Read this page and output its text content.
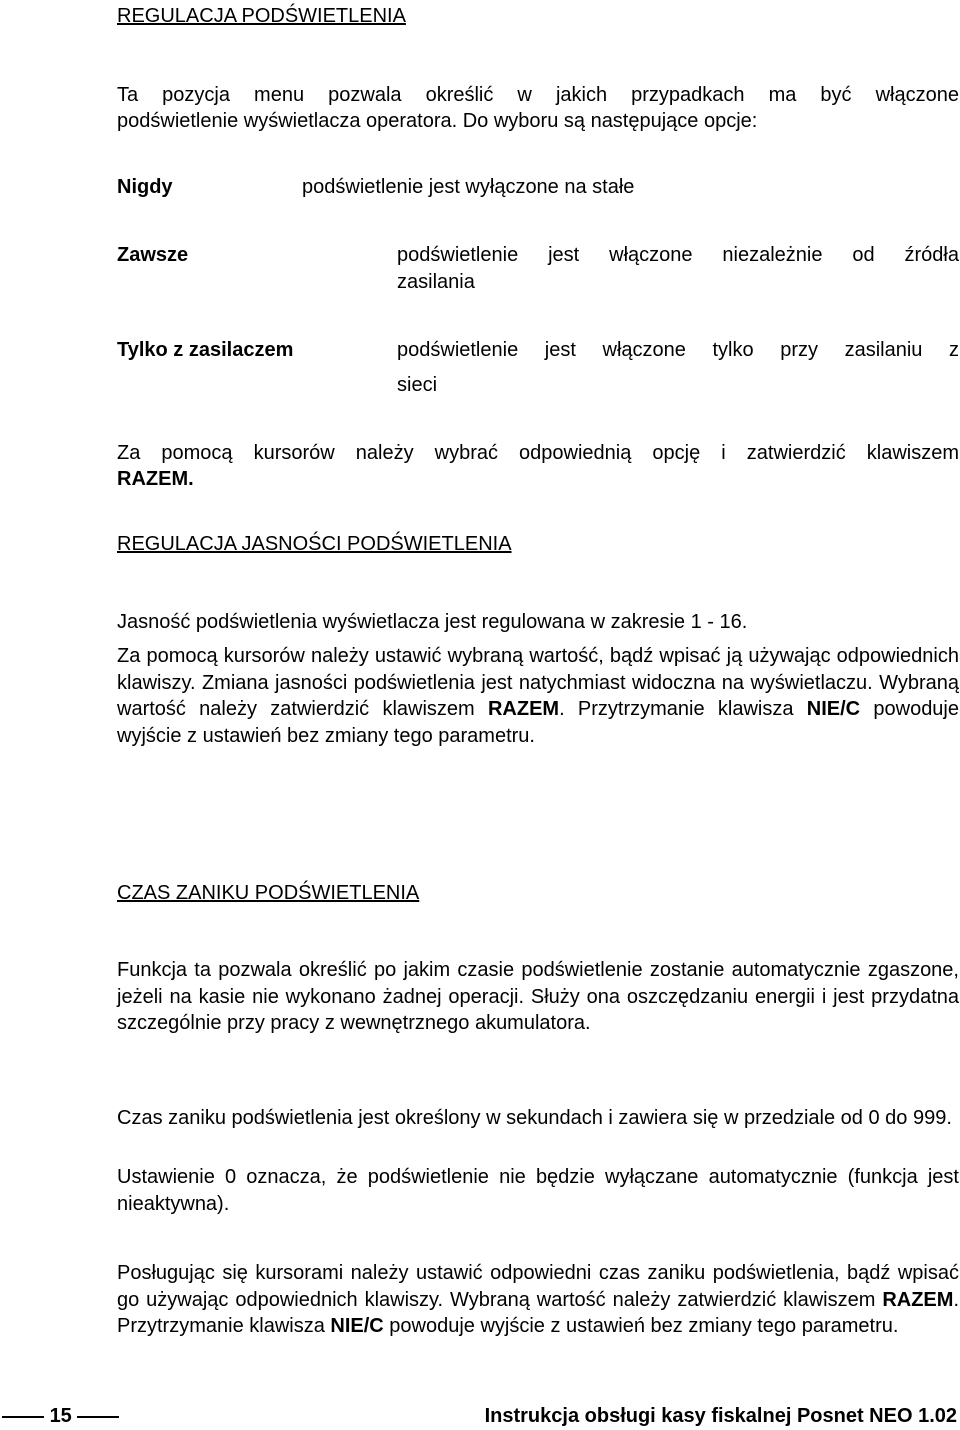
REGULACJA PODŚWIETLENIA
Ta pozycja menu pozwala określić w jakich przypadkach ma być włączone
podświetlenie wyświetlacza operatora. Do wyboru są następujące opcje:
Nigdy	podświetlenie jest wyłączone na stałe
Zawsze	podświetlenie jest włączone niezależnie od źródła
zasilania
Tylko z zasilaczem	podświetlenie jest włączone tylko przy zasilaniu z
sieci
Za pomocą kursorów należy wybrać odpowiednią opcję i zatwierdzić klawiszem
RAZEM.
REGULACJA JASNOŚCI PODŚWIETLENIA
Jasność podświetlenia wyświetlacza jest regulowana w zakresie 1 - 16.
Za pomocą kursorów należy ustawić wybraną wartość, bądź wpisać ją używając odpowiednich klawiszy. Zmiana jasności podświetlenia jest natychmiast widoczna na wyświetlaczu. Wybraną wartość należy zatwierdzić klawiszem RAZEM. Przytrzymanie klawisza NIE/C powoduje wyjście z ustawień bez zmiany tego parametru.
CZAS ZANIKU PODŚWIETLENIA
Funkcja ta pozwala określić po jakim czasie podświetlenie zostanie automatycznie zgaszone, jeżeli na kasie nie wykonano żadnej operacji. Służy ona oszczędzaniu energii i jest przydatna szczególnie przy pracy z wewnętrznego akumulatora.
Czas zaniku podświetlenia jest określony w sekundach i zawiera się w przedziale od 0 do 999.
Ustawienie 0 oznacza, że podświetlenie nie będzie wyłączane automatycznie (funkcja jest nieaktywna).
Posługując się kursorami należy ustawić odpowiedni czas zaniku podświetlenia, bądź wpisać go używając odpowiednich klawiszy. Wybraną wartość należy zatwierdzić klawiszem RAZEM. Przytrzymanie klawisza NIE/C powoduje wyjście z ustawień bez zmiany tego parametru.
15	Instrukcja obsługi kasy fiskalnej Posnet NEO 1.02
